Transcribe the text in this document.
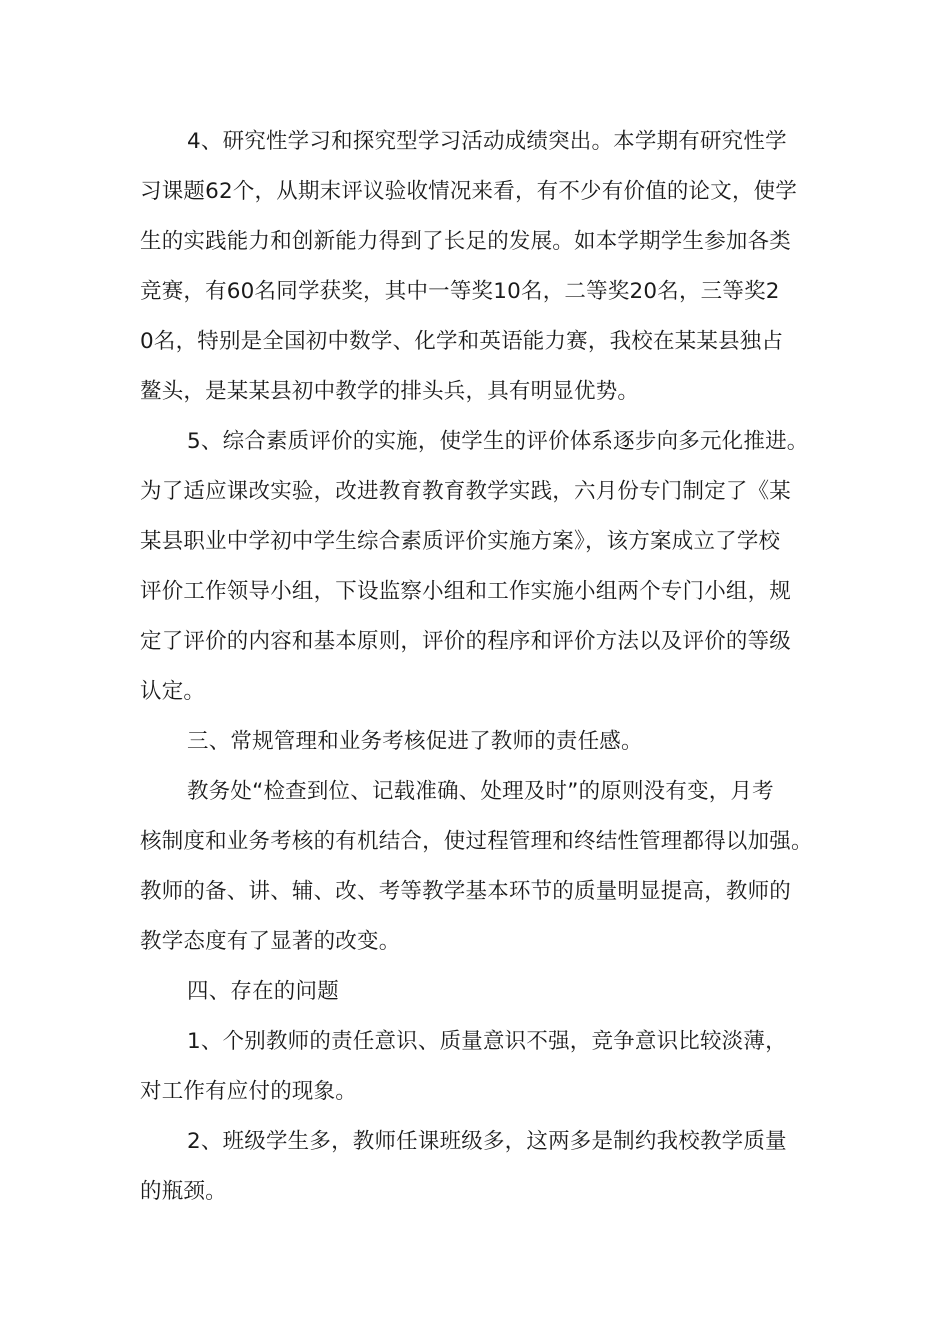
4、研究性学习和探究型学习活动成绩突出。本学期有研究性学
习课题62个，从期末评议验收情况来看，有不少有价值的论文，使学
生的实践能力和创新能力得到了长足的发展。如本学期学生参加各类
竞赛，有60名同学获奖，其中一等奖10名，二等奖20名，三等奖2
0名，特别是全国初中数学、化学和英语能力赛，我校在某某县独占
鳌头，是某某县初中教学的排头兵，具有明显优势。
5、综合素质评价的实施，使学生的评价体系逐步向多元化推进。
为了适应课改实验，改进教育教育教学实践，六月份专门制定了《某
某县职业中学初中学生综合素质评价实施方案》，该方案成立了学校
评价工作领导小组，下设监察小组和工作实施小组两个专门小组，规
定了评价的内容和基本原则，评价的程序和评价方法以及评价的等级
认定。
三、常规管理和业务考核促进了教师的责任感。
教务处“检查到位、记载准确、处理及时”的原则没有变，月考
核制度和业务考核的有机结合，使过程管理和终结性管理都得以加强。
教师的备、讲、辅、改、考等教学基本环节的质量明显提高，教师的
教学态度有了显著的改变。
四、存在的问题
1、个别教师的责任意识、质量意识不强，竞争意识比较淡薄，
对工作有应付的现象。
2、班级学生多，教师任课班级多，这两多是制约我校教学质量
的瓶颈。
